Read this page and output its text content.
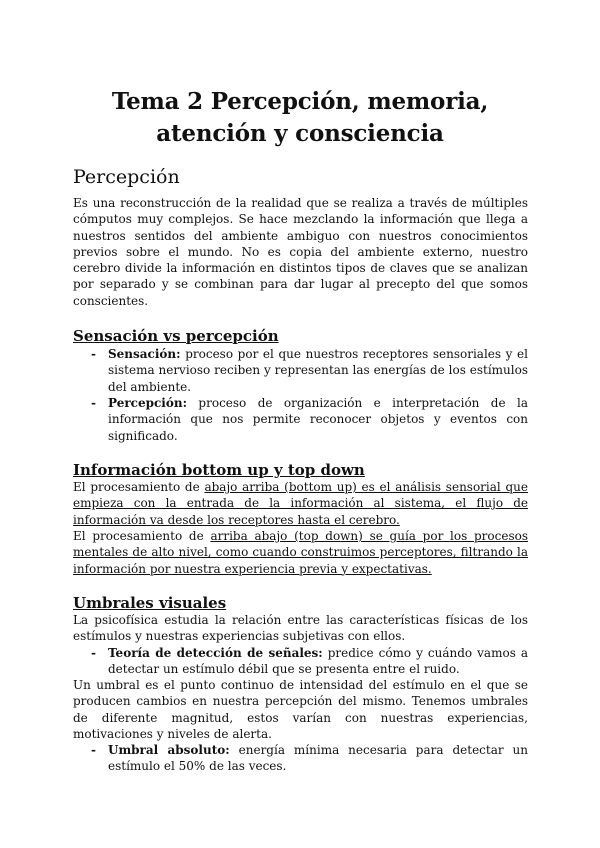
Tema 2 Percepción, memoria,
atención y consciencia
Percepción

Es una reconstrucción de la realidad que se realiza a través de múltiples cómputos muy complejos. Se hace mezclando la información que llega a nuestros sentidos del ambiente ambiguo con nuestros conocimientos previos sobre el mundo. No es copia del ambiente externo, nuestro cerebro divide la información en distintos tipos de claves que se analizan por separado y se combinan para dar lugar al precepto del que somos conscientes.

Sensación vs percepción
- Sensación: proceso por el que nuestros receptores sensoriales y el sistema nervioso reciben y representan las energías de los estímulos del ambiente.
- Percepción: proceso de organización e interpretación de la información que nos permite reconocer objetos y eventos con significado.
Información bottom up y top down

El procesamiento de abajo arriba (bottom up) es el análisis sensorial que empieza con la entrada de la información al sistema, el flujo de información va desde los receptores hasta el cerebro.

El procesamiento de arriba abajo (top down) se guía por los procesos mentales de alto nivel, como cuando construimos perceptores, filtrando la información por nuestra experiencia previa y expectativas.

Umbrales visuales

La psicofísica estudia la relación entre las características físicas de los estímulos y nuestras experiencias subjetivas con ellos.

- Teoría de detección de señales: predice cómo y cuándo vamos a detectar un estímulo débil que se presenta entre el ruido.

Un umbral es el punto continuo de intensidad del estímulo en el que se producen cambios en nuestra percepción del mismo. Tenemos umbrales de diferente magnitud, estos varían con nuestras experiencias, motivaciones y niveles de alerta.

- Umbral absoluto: energía mínima necesaria para detectar un estímulo el 50% de las veces.
